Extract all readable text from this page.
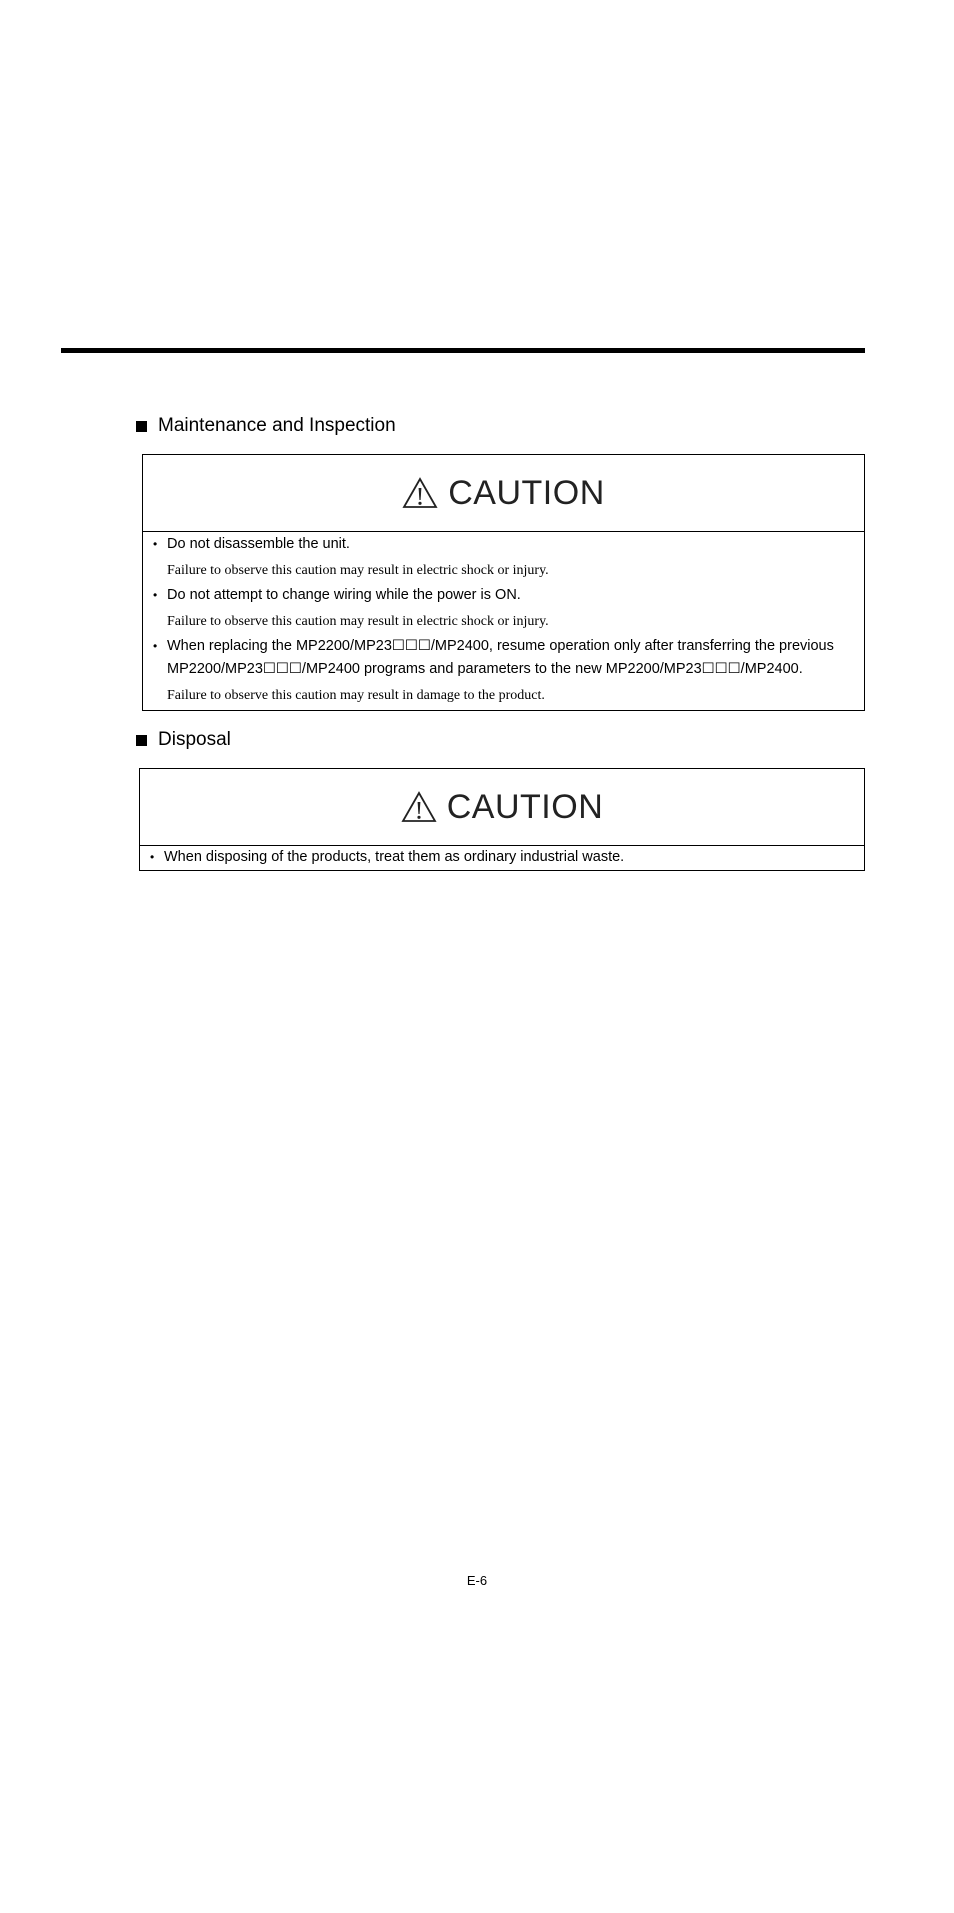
Maintenance and Inspection
CAUTION
• Do not disassemble the unit.
Failure to observe this caution may result in electric shock or injury.
• Do not attempt to change wiring while the power is ON.
Failure to observe this caution may result in electric shock or injury.
• When replacing the MP2200/MP23☐☐☐/MP2400, resume operation only after transferring the previous MP2200/MP23☐☐☐/MP2400 programs and parameters to the new MP2200/MP23☐☐☐/MP2400.
Failure to observe this caution may result in damage to the product.
Disposal
CAUTION
• When disposing of the products, treat them as ordinary industrial waste.
E-6
